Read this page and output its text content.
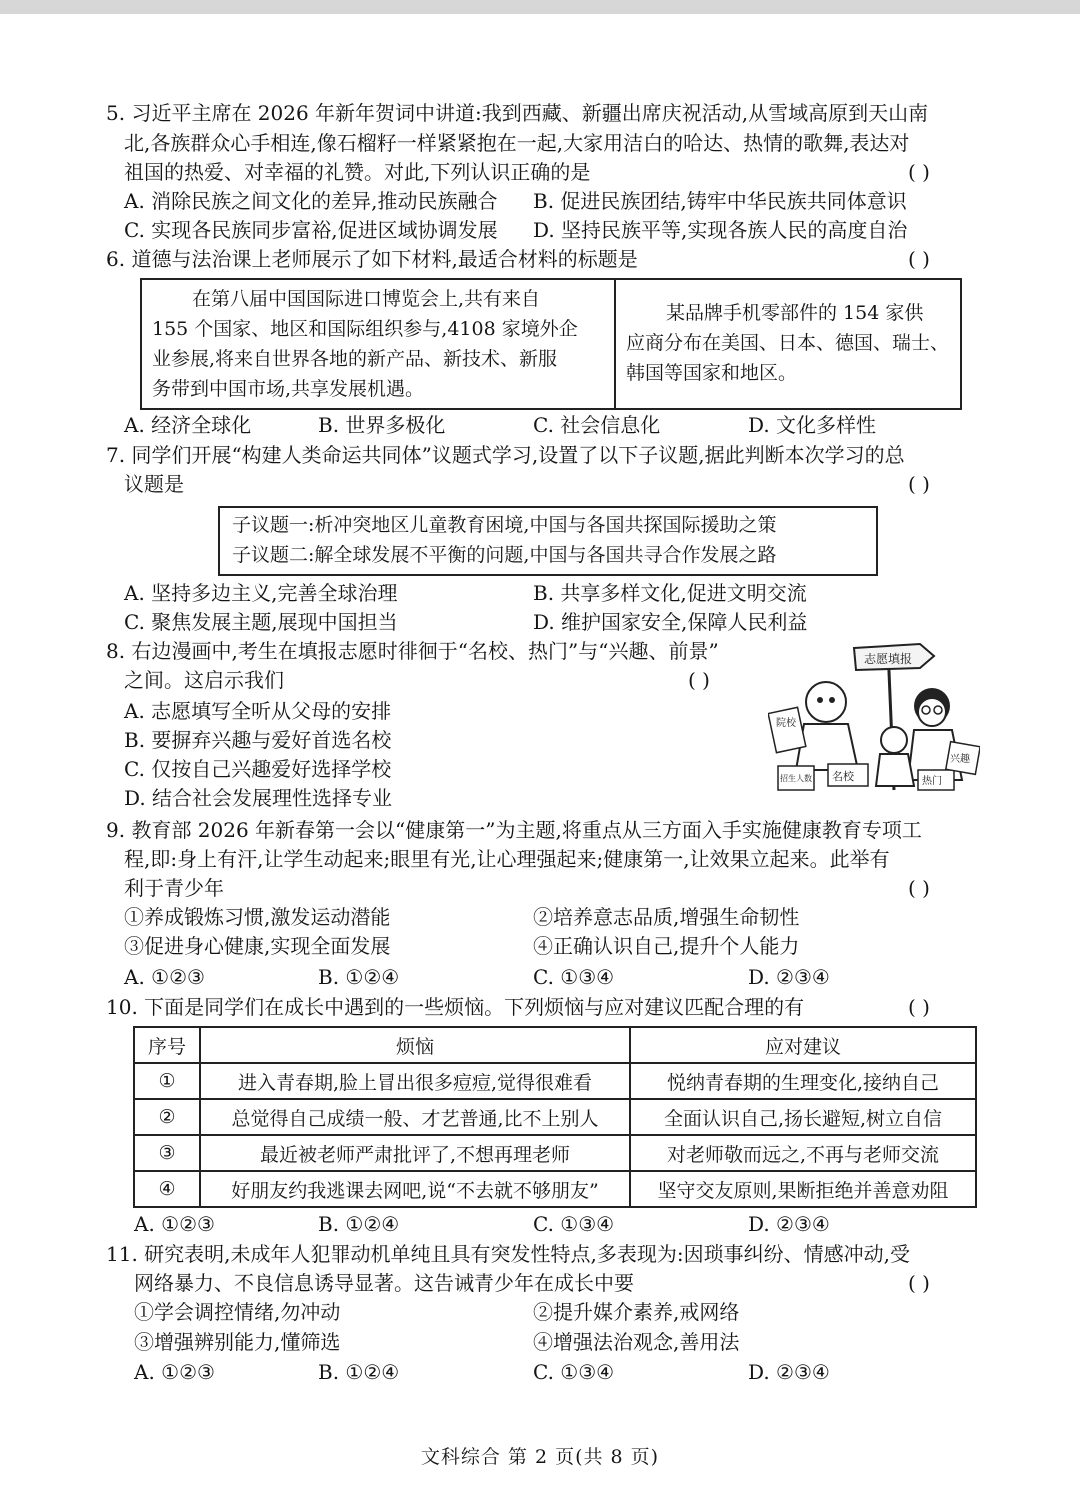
5. 习近平主席在 2026 年新年贺词中讲道:我到西藏、新疆出席庆祝活动,从雪域高原到天山南
北,各族群众心手相连,像石榴籽一样紧紧抱在一起,大家用洁白的哈达、热情的歌舞,表达对
祖国的热爱、对幸福的礼赞。对此,下列认识正确的是	( )
A. 消除民族之间文化的差异,推动民族融合 B. 促进民族团结,铸牢中华民族共同体意识
C. 实现各民族同步富裕,促进区域协调发展 D. 坚持民族平等,实现各族人民的高度自治
6. 道德与法治课上老师展示了如下材料,最适合材料的标题是	( )
在第八届中国国际进口博览会上,共有来自
155 个国家、地区和国际组织参与,4108 家境外企
业参展,将来自世界各地的新产品、新技术、新服
务带到中国市场,共享发展机遇。
某品牌手机零部件的 154 家供
应商分布在美国、日本、德国、瑞士、
韩国等国家和地区。
A. 经济全球化	B. 世界多极化	C. 社会信息化	D. 文化多样性
7. 同学们开展“构建人类命运共同体”议题式学习,设置了以下子议题,据此判断本次学习的总
议题是	( )
子议题一:析冲突地区儿童教育困境,中国与各国共探国际援助之策
子议题二:解全球发展不平衡的问题,中国与各国共寻合作发展之路
A. 坚持多边主义,完善全球治理	B. 共享多样文化,促进文明交流
C. 聚焦发展主题,展现中国担当	D. 维护国家安全,保障人民利益
8. 右边漫画中,考生在填报志愿时徘徊于“名校、热门”与“兴趣、前景”
之间。这启示我们	( )
A. 志愿填写全听从父母的安排
B. 要摒弃兴趣与爱好首选名校
C. 仅按自己兴趣爱好选择学校
D. 结合社会发展理性选择专业
志愿填报
院校
名校
招生人数	热门
兴趣
9. 教育部 2026 年新春第一会以“健康第一”为主题,将重点从三方面入手实施健康教育专项工
程,即:身上有汗,让学生动起来;眼里有光,让心理强起来;健康第一,让效果立起来。此举有
利于青少年	( )
①养成锻炼习惯,激发运动潜能	②培养意志品质,增强生命韧性
③促进身心健康,实现全面发展	④正确认识自己,提升个人能力
A. ①②③	B. ①②④	C. ①③④	D. ②③④
10. 下面是同学们在成长中遇到的一些烦恼。下列烦恼与应对建议匹配合理的有	( )
序号	烦恼	应对建议
①	进入青春期,脸上冒出很多痘痘,觉得很难看	悦纳青春期的生理变化,接纳自己
②	总觉得自己成绩一般、才艺普通,比不上别人	全面认识自己,扬长避短,树立自信
③	最近被老师严肃批评了,不想再理老师	对老师敬而远之,不再与老师交流
④	好朋友约我逃课去网吧,说“不去就不够朋友”	坚守交友原则,果断拒绝并善意劝阻
A. ①②③	B. ①②④	C. ①③④	D. ②③④
11. 研究表明,未成年人犯罪动机单纯且具有突发性特点,多表现为:因琐事纠纷、情感冲动,受
网络暴力、不良信息诱导显著。这告诫青少年在成长中要	( )
①学会调控情绪,勿冲动	②提升媒介素养,戒网络
③增强辨别能力,懂筛选	④增强法治观念,善用法
A. ①②③	B. ①②④	C. ①③④	D. ②③④
文科综合 第 2 页(共 8 页)
